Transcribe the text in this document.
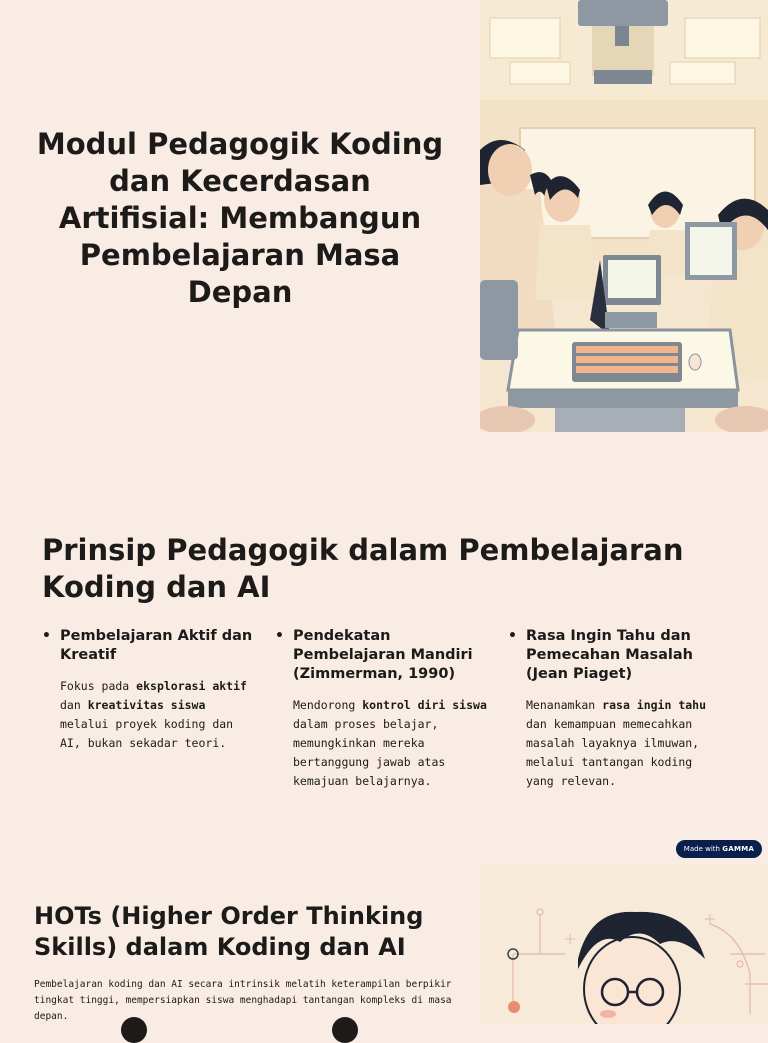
Modul Pedagogik Koding dan Kecerdasan Artifisial: Membangun Pembelajaran Masa Depan
Prinsip Pedagogik dalam Pembelajaran Koding dan AI
• Pembelajaran Aktif dan Kreatif
Fokus pada eksplorasi aktif dan kreativitas siswa melalui proyek koding dan AI, bukan sekadar teori.
• Pendekatan Pembelajaran Mandiri (Zimmerman, 1990)
Mendorong kontrol diri siswa dalam proses belajar, memungkinkan mereka bertanggung jawab atas kemajuan belajarnya.
• Rasa Ingin Tahu dan Pemecahan Masalah (Jean Piaget)
Menanamkan rasa ingin tahu dan kemampuan memecahkan masalah layaknya ilmuwan, melalui tantangan koding yang relevan.
Made with GAMMA
HOTs (Higher Order Thinking Skills) dalam Koding dan AI
Pembelajaran koding dan AI secara intrinsik melatih keterampilan berpikir tingkat tinggi, mempersiapkan siswa menghadapi tantangan kompleks di masa depan.
